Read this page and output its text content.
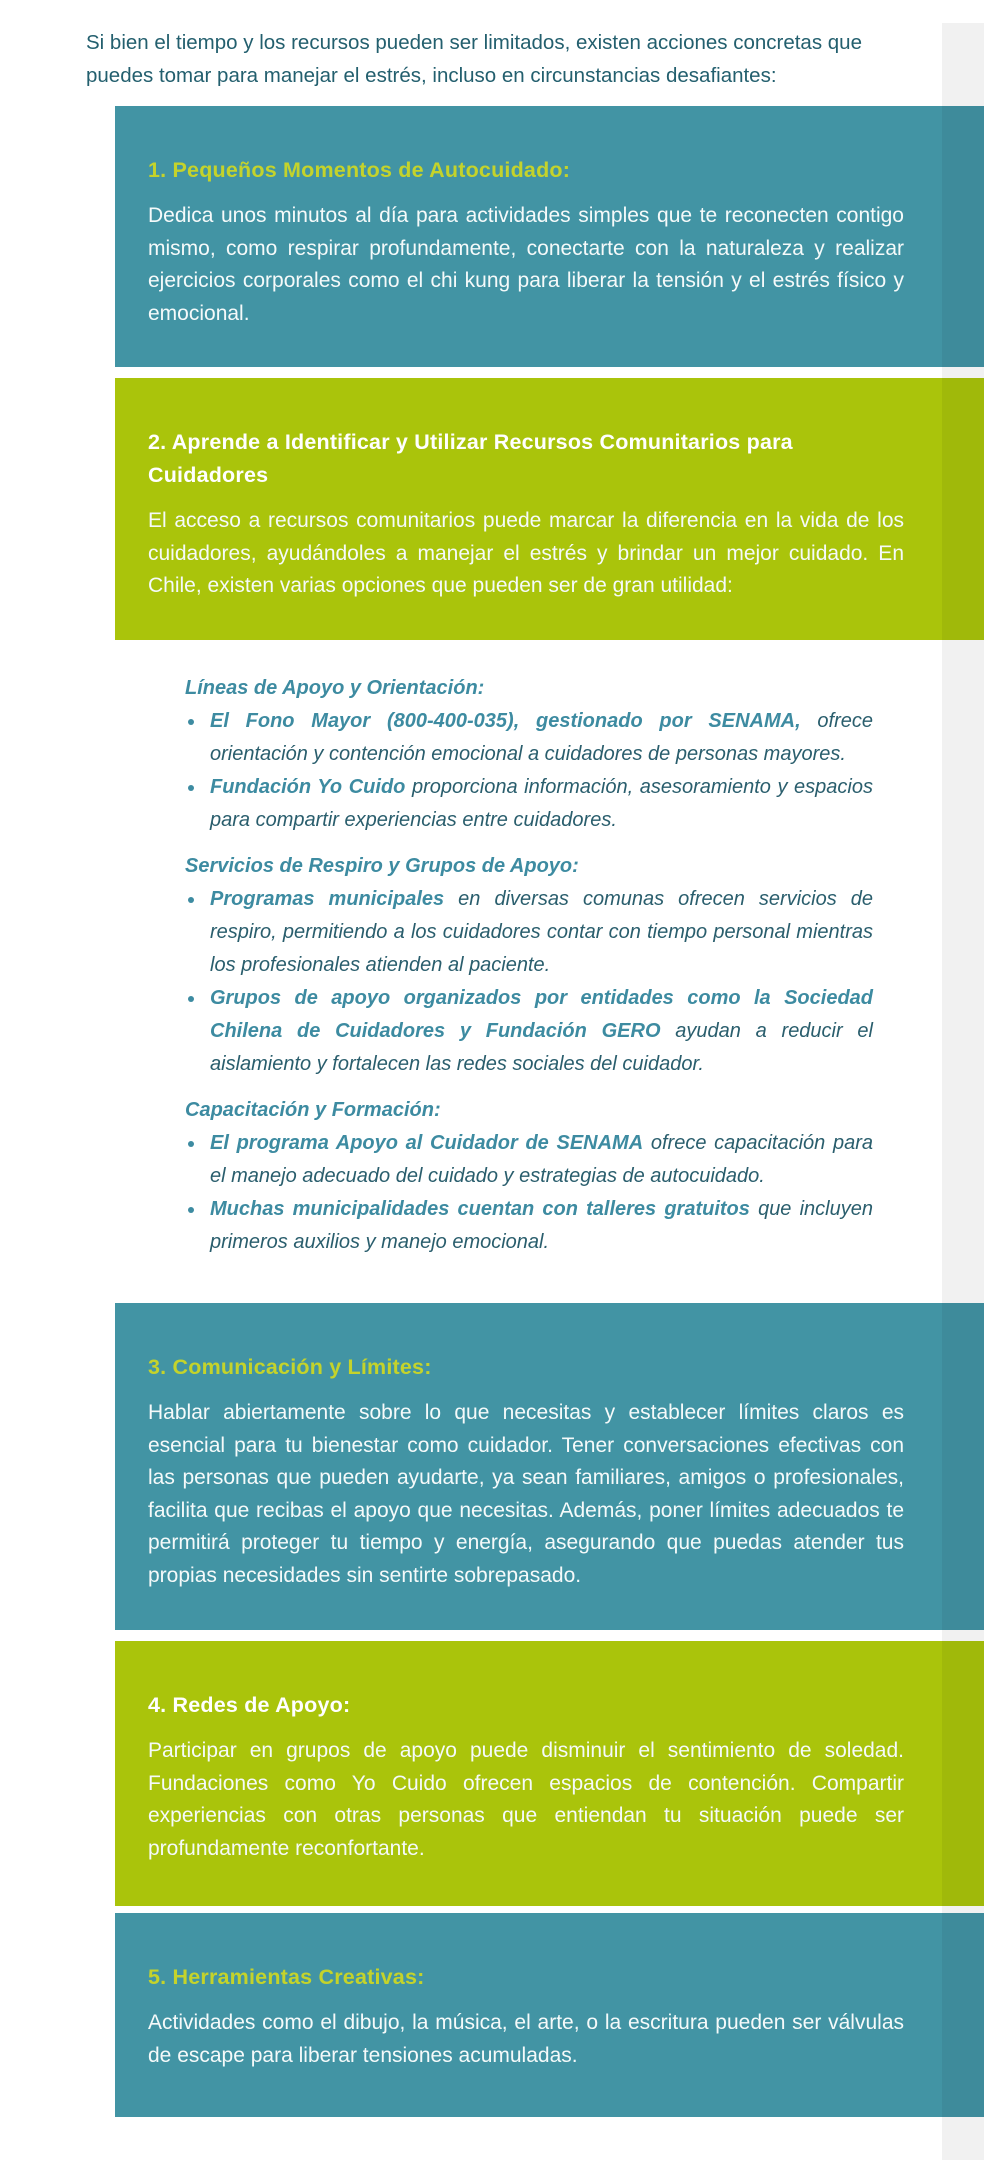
Si bien el tiempo y los recursos pueden ser limitados, existen acciones concretas que
puedes tomar para manejar el estrés, incluso en circunstancias desafiantes:

1. Pequeños Momentos de Autocuidado:

Dedica unos minutos al día para actividades simples que te reconecten contigo mismo, como respirar profundamente, conectarte con la naturaleza y realizar ejercicios corporales como el chi kung para liberar la tensión y el estrés físico y emocional.

2. Aprende a Identificar y Utilizar Recursos Comunitarios para Cuidadores

El acceso a recursos comunitarios puede marcar la diferencia en la vida de los cuidadores, ayudándoles a manejar el estrés y brindar un mejor cuidado. En Chile, existen varias opciones que pueden ser de gran utilidad:

Líneas de Apoyo y Orientación:

El Fono Mayor (800-400-035), gestionado por SENAMA, ofrece orientación y contención emocional a cuidadores de personas mayores.

Fundación Yo Cuido proporciona información, asesoramiento y espacios para compartir experiencias entre cuidadores.

Servicios de Respiro y Grupos de Apoyo:

Programas municipales en diversas comunas ofrecen servicios de respiro, permitiendo a los cuidadores contar con tiempo personal mientras los profesionales atienden al paciente.

Grupos de apoyo organizados por entidades como la Sociedad Chilena de Cuidadores y Fundación GERO ayudan a reducir el aislamiento y fortalecen las redes sociales del cuidador.

Capacitación y Formación:

El programa Apoyo al Cuidador de SENAMA ofrece capacitación para el manejo adecuado del cuidado y estrategias de autocuidado.

Muchas municipalidades cuentan con talleres gratuitos que incluyen primeros auxilios y manejo emocional.

3. Comunicación y Límites:

Hablar abiertamente sobre lo que necesitas y establecer límites claros es esencial para tu bienestar como cuidador. Tener conversaciones efectivas con las personas que pueden ayudarte, ya sean familiares, amigos o profesionales, facilita que recibas el apoyo que necesitas. Además, poner límites adecuados te permitirá proteger tu tiempo y energía, asegurando que puedas atender tus propias necesidades sin sentirte sobrepasado.

4. Redes de Apoyo:

Participar en grupos de apoyo puede disminuir el sentimiento de soledad. Fundaciones como Yo Cuido ofrecen espacios de contención. Compartir experiencias con otras personas que entiendan tu situación puede ser profundamente reconfortante.

5. Herramientas Creativas:

Actividades como el dibujo, la música, el arte, o la escritura pueden ser válvulas de escape para liberar tensiones acumuladas.
